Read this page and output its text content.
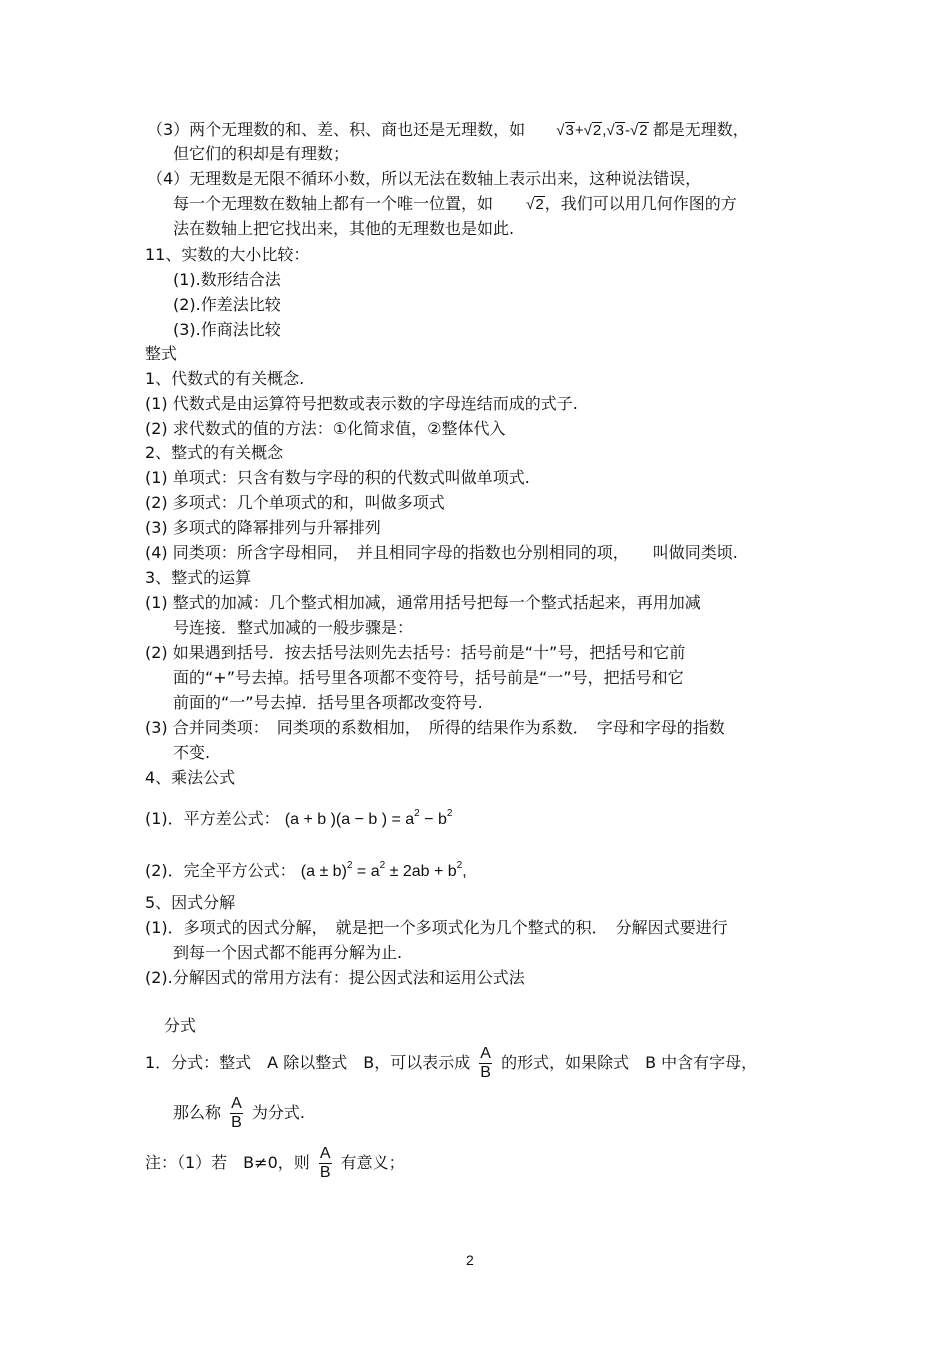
（3）两个无理数的和、差、积、商也还是无理数，如 √3+√2,√3-√2 都是无理数，
但它们的积却是有理数；
（4）无理数是无限不循环小数，所以无法在数轴上表示出来，这种说法错误，
每一个无理数在数轴上都有一个唯一位置，如 √2，我们可以用几何作图的方
法在数轴上把它找出来，其他的无理数也是如此.
11、实数的大小比较：
(1).数形结合法
(2).作差法比较
(3).作商法比较
整式
1、代数式的有关概念.
(1) 代数式是由运算符号把数或表示数的字母连结而成的式子.
(2) 求代数式的值的方法：①化简求值，②整体代入
2、整式的有关概念
(1) 单项式：只含有数与字母的积的代数式叫做单项式.
(2) 多项式：几个单项式的和，叫做多项式
(3) 多项式的降幂排列与升幂排列
(4) 同类项：所含字母相同，　并且相同字母的指数也分别相同的项，　　叫做同类顷.
3、整式的运算
(1) 整式的加减：几个整式相加减，通常用括号把每一个整式括起来，再用加减
号连接．整式加减的一般步骤是：
(2) 如果遇到括号．按去括号法则先去括号：括号前是“十”号，把括号和它前
面的“+”号去掉。括号里各项都不变符号，括号前是“一”号，把括号和它
前面的“一”号去掉．括号里各项都改变符号.
(3) 合并同类项：　同类项的系数相加，　所得的结果作为系数．　字母和字母的指数
不变.
4、乘法公式
(1)．平方差公式： (a + b )(a − b ) = $a^2 - b^2$
(2)．完全平方公式： $(a \pm b)^2 = a^2 \pm 2ab + b^2$,
5、因式分解
(1)．多项式的因式分解，　就是把一个多项式化为几个整式的积．　分解因式要进行
到每一个因式都不能再分解为止.
(2).分解因式的常用方法有：提公因式法和运用公式法
分式
1．分式：整式　A 除以整式　B，可以表示成 $\frac{A}{B}$ 的形式，如果除式　B 中含有字母，
那么称 $\frac{A}{B}$ 为分式.
注：（1）若　B≠0，则 $\frac{A}{B}$ 有意义；
2
